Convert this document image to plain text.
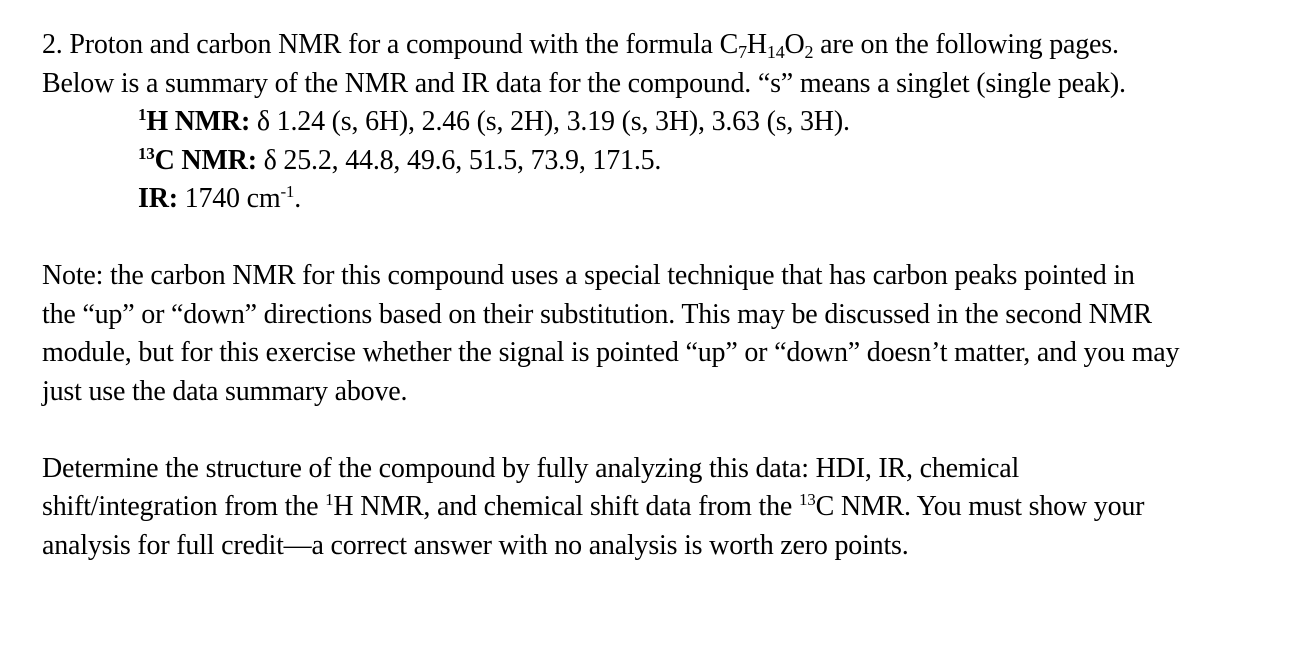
2. Proton and carbon NMR for a compound with the formula $C_7H_{14}O_2$ are on the following pages.
Below is a summary of the NMR and IR data for the compound. “s” means a singlet (single peak).
$^1$H NMR: δ 1.24 (s, 6H), 2.46 (s, 2H), 3.19 (s, 3H), 3.63 (s, 3H).
$^{13}$C NMR: δ 25.2, 44.8, 49.6, 51.5, 73.9, 171.5.
IR: 1740 $cm^{-1}$.
Note: the carbon NMR for this compound uses a special technique that has carbon peaks pointed in
the “up” or “down” directions based on their substitution. This may be discussed in the second NMR
module, but for this exercise whether the signal is pointed “up” or “down” doesn’t matter, and you may
just use the data summary above.
Determine the structure of the compound by fully analyzing this data: HDI, IR, chemical
shift/integration from the $^1$H NMR, and chemical shift data from the $^{13}$C NMR. You must show your
analysis for full credit—a correct answer with no analysis is worth zero points.
